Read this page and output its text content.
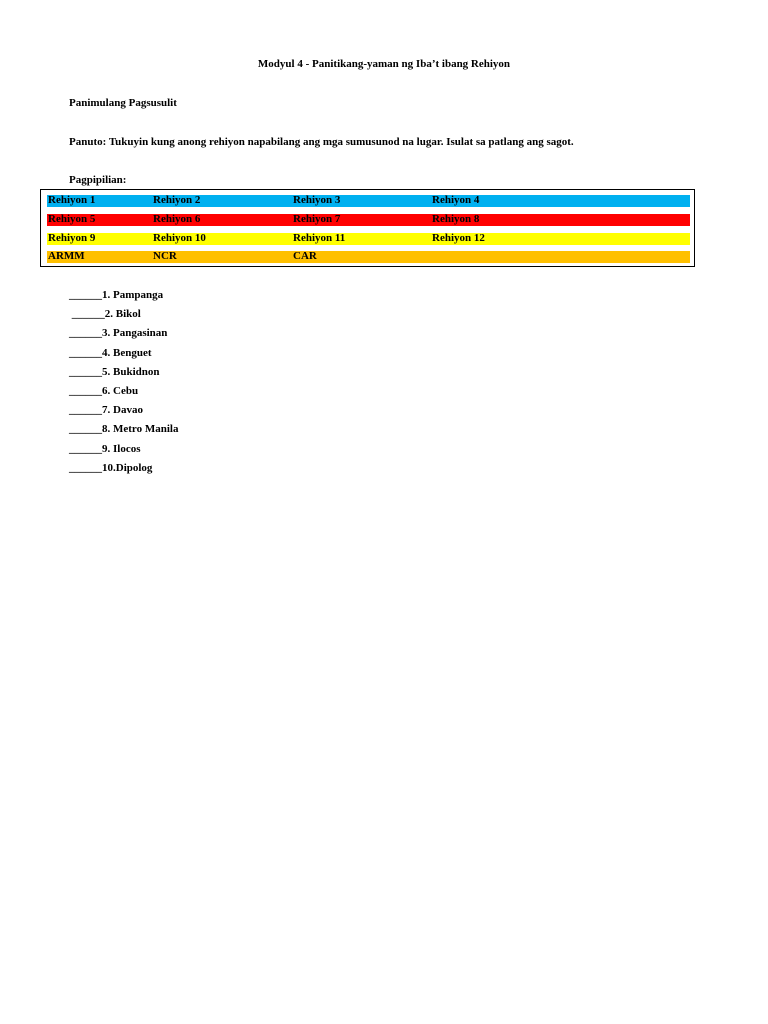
Modyul 4 - Panitikang-yaman ng Iba’t ibang Rehiyon
Panimulang Pagsusulit
Panuto: Tukuyin kung anong rehiyon napabilang ang mga sumusunod na lugar. Isulat sa patlang ang sagot.
Pagpipilian:
Rehiyon 1	Rehiyon 2	Rehiyon 3	Rehiyon 4
Rehiyon 5	Rehiyon 6	Rehiyon 7	Rehiyon 8
Rehiyon 9	Rehiyon 10	Rehiyon 11	Rehiyon 12
ARMM	NCR	CAR
______1. Pampanga
______2. Bikol
______3. Pangasinan
______4. Benguet
______5. Bukidnon
______6. Cebu
______7. Davao
______8. Metro Manila
______9. Ilocos
______10.Dipolog
